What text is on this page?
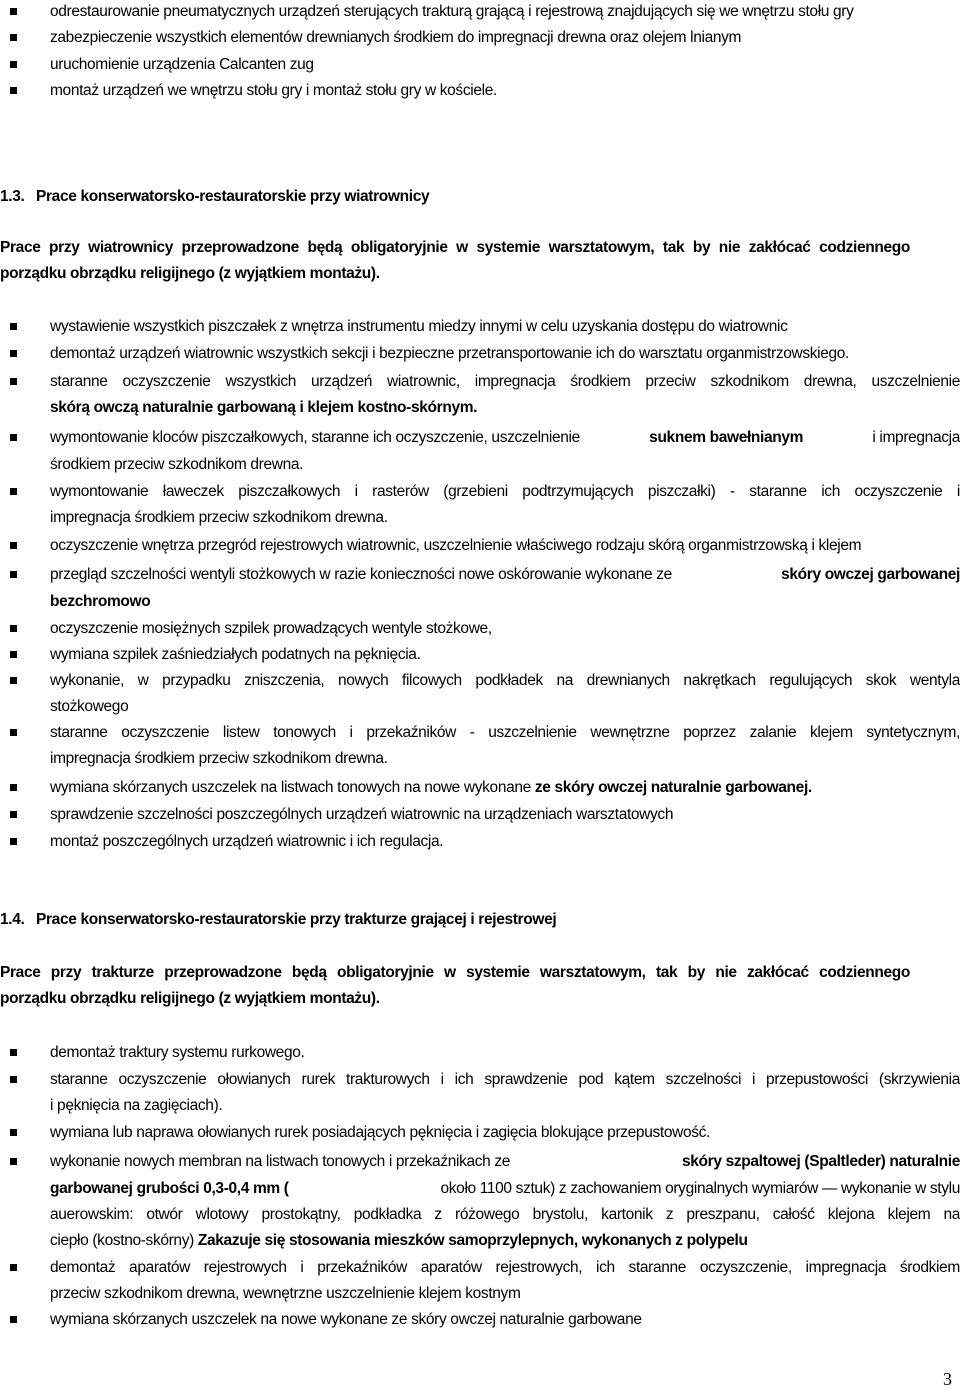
odrestaurowanie pneumatycznych urządzeń sterujących trakturą grającą i rejestrową znajdujących się we wnętrzu stołu gry
zabezpieczenie wszystkich elementów drewnianych środkiem do impregnacji drewna oraz olejem lnianym
uruchomienie urządzenia Calcanten zug
montaż urządzeń we wnętrzu stołu gry i montaż stołu gry w kościele.
1.3. Prace konserwatorsko-restauratorskie przy wiatrownicy
Prace przy wiatrownicy przeprowadzone będą obligatoryjnie w systemie warsztatowym, tak by nie zakłócać codziennego
porządku obrządku religijnego (z wyjątkiem montażu).
wystawienie wszystkich piszczałek z wnętrza instrumentu miedzy innymi w celu uzyskania dostępu do wiatrownic
demontaż urządzeń wiatrownic wszystkich sekcji i bezpieczne przetransportowanie ich do warsztatu organmistrzowskiego.
staranne oczyszczenie wszystkich urządzeń wiatrownic, impregnacja środkiem przeciw szkodnikom drewna, uszczelnienie
skórą owczą naturalnie garbowaną i klejem kostno-skórnym.
wymontowanie kloców piszczałkowych, staranne ich oczyszczenie, uszczelnienie	suknem bawełnianym	i impregnacja
środkiem przeciw szkodnikom drewna.
wymontowanie ławeczek piszczałkowych i rasterów (grzebieni podtrzymujących piszczałki) - staranne ich oczyszczenie i
impregnacja środkiem przeciw szkodnikom drewna.
oczyszczenie wnętrza przegród rejestrowych wiatrownic, uszczelnienie właściwego rodzaju skórą organmistrzowską i klejem
przegląd szczelności wentyli stożkowych w razie konieczności nowe oskórowanie wykonane ze	skóry owczej garbowanej
bezchromowo
oczyszczenie mosiężnych szpilek prowadzących wentyle stożkowe,
wymiana szpilek zaśniedziałych podatnych na pęknięcia.
wykonanie, w przypadku zniszczenia, nowych filcowych podkładek na drewnianych nakrętkach regulujących skok wentyla
stożkowego
staranne oczyszczenie listew tonowych i przekaźników - uszczelnienie wewnętrzne poprzez zalanie klejem syntetycznym,
impregnacja środkiem przeciw szkodnikom drewna.
wymiana skórzanych uszczelek na listwach tonowych na nowe wykonane ze skóry owczej naturalnie garbowanej.
sprawdzenie szczelności poszczególnych urządzeń wiatrownic na urządzeniach warsztatowych
montaż poszczególnych urządzeń wiatrownic i ich regulacja.
1.4. Prace konserwatorsko-restauratorskie przy trakturze grającej i rejestrowej
Prace przy trakturze przeprowadzone będą obligatoryjnie w systemie warsztatowym, tak by nie zakłócać codziennego
porządku obrządku religijnego (z wyjątkiem montażu).
demontaż traktury systemu rurkowego.
staranne oczyszczenie ołowianych rurek trakturowych i ich sprawdzenie pod kątem szczelności i przepustowości (skrzywienia
i pęknięcia na zagięciach).
wymiana lub naprawa ołowianych rurek posiadających pęknięcia i zagięcia blokujące przepustowość.
wykonanie nowych membran na listwach tonowych i przekaźnikach ze	skóry szpaltowej (Spaltleder) naturalnie
garbowanej grubości 0,3-0,4 mm (	około 1100 sztuk) z zachowaniem oryginalnych wymiarów — wykonanie w stylu
auerowskim: otwór wlotowy prostokątny, podkładka z różowego brystolu, kartonik z preszpanu, całość klejona klejem na
ciepło (kostno-skórny) Zakazuje się stosowania mieszków samoprzylepnych, wykonanych z polypelu
demontaż aparatów rejestrowych i przekaźników aparatów rejestrowych, ich staranne oczyszczenie, impregnacja środkiem
przeciw szkodnikom drewna, wewnętrzne uszczelnienie klejem kostnym
wymiana skórzanych uszczelek na nowe wykonane ze skóry owczej naturalnie garbowane
3
